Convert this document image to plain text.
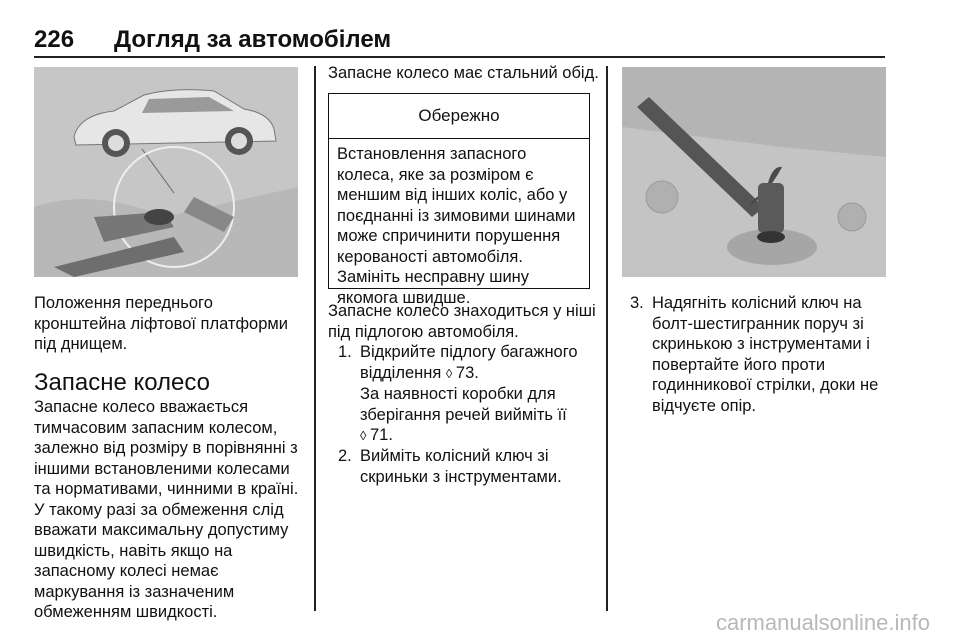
226 Догляд за автомобілем
Положення переднього
кронштейна ліфтової платформи
під днищем.
Запасне колесо
Запасне колесо вважається
тимчасовим запасним колесом,
залежно від розміру в порівнянні з
іншими встановленими колесами
та нормативами, чинними в країні.
У такому разі за обмеження слід
вважати максимальну допустиму
швидкість, навіть якщо на
запасному колесі немає
маркування із зазначеним
обмеженням швидкості.
Запасне колесо має стальний обід.
Обережно
Встановлення запасного
колеса, яке за розміром є
меншим від інших коліс, або у
поєднанні із зимовими шинами
може спричинити порушення
керованості автомобіля.
Замініть несправну шину
якомога швидше.
Запасне колесо знаходиться у ніші
під підлогою автомобіля.
1. Відкрийте підлогу багажного
відділення ◊ 73.
За наявності коробки для
зберігання речей вийміть її
◊ 71.
2. Вийміть колісний ключ зі
скриньки з інструментами.
3. Надягніть колісний ключ на
болт-шестигранник поруч зі
скринькою з інструментами і
повертайте його проти
годинникової стрілки, доки не
відчуєте опір.
carmanualsonline.info
